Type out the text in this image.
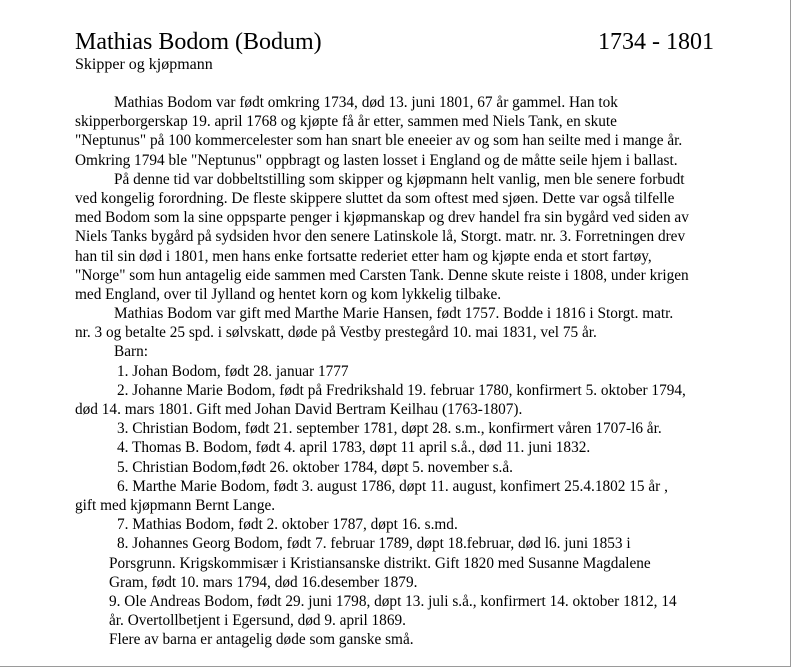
Mathias Bodom (Bodum)	1734 - 1801
Skipper og kjøpmann
Mathias Bodom var født omkring 1734, død 13. juni 1801, 67 år gammel. Han tok
skipperborgerskap 19. april 1768 og kjøpte få år etter, sammen med Niels Tank, en skute
"Neptunus" på 100 kommercelester som han snart ble eneeier av og som han seilte med i mange år.
Omkring 1794 ble "Neptunus" oppbragt og lasten losset i England og de måtte seile hjem i ballast.
På denne tid var dobbeltstilling som skipper og kjøpmann helt vanlig, men ble senere forbudt
ved kongelig forordning. De fleste skippere sluttet da som oftest med sjøen. Dette var også tilfelle
med Bodom som la sine oppsparte penger i kjøpmanskap og drev handel fra sin bygård ved siden av
Niels Tanks bygård på sydsiden hvor den senere Latinskole lå, Storgt. matr. nr. 3. Forretningen drev
han til sin død i 1801, men hans enke fortsatte rederiet etter ham og kjøpte enda et stort fartøy,
"Norge" som hun antagelig eide sammen med Carsten Tank. Denne skute reiste i 1808, under krigen
med England, over til Jylland og hentet korn og kom lykkelig tilbake.
Mathias Bodom var gift med Marthe Marie Hansen, født 1757. Bodde i 1816 i Storgt. matr.
nr. 3 og betalte 25 spd. i sølvskatt, døde på Vestby prestegård 10. mai 1831, vel 75 år.
Barn:
1. Johan Bodom, født 28. januar 1777
2. Johanne Marie Bodom, født på Fredrikshald 19. februar 1780, konfirmert 5. oktober 1794,
død 14. mars 1801. Gift med Johan David Bertram Keilhau (1763-1807).
3. Christian Bodom, født 21. september 1781, døpt 28. s.m., konfirmert våren 1707-l6 år.
4. Thomas B. Bodom, født 4. april 1783, døpt 11 april s.å., død 11. juni 1832.
5. Christian Bodom,født 26. oktober 1784, døpt 5. november s.å.
6. Marthe Marie Bodom, født 3. august 1786, døpt 11. august, konfimert 25.4.1802 15 år ,
gift med kjøpmann Bernt Lange.
7. Mathias Bodom, født 2. oktober 1787, døpt 16. s.md.
8. Johannes Georg Bodom, født 7. februar 1789, døpt 18.februar, død l6. juni 1853 i
Porsgrunn. Krigskommisær i Kristiansanske distrikt. Gift 1820 med Susanne Magdalene
Gram, født 10. mars 1794, død 16.desember 1879.
9. Ole Andreas Bodom, født 29. juni 1798, døpt 13. juli s.å., konfirmert 14. oktober 1812, 14
år. Overtollbetjent i Egersund, død 9. april 1869.
Flere av barna er antagelig døde som ganske små.
